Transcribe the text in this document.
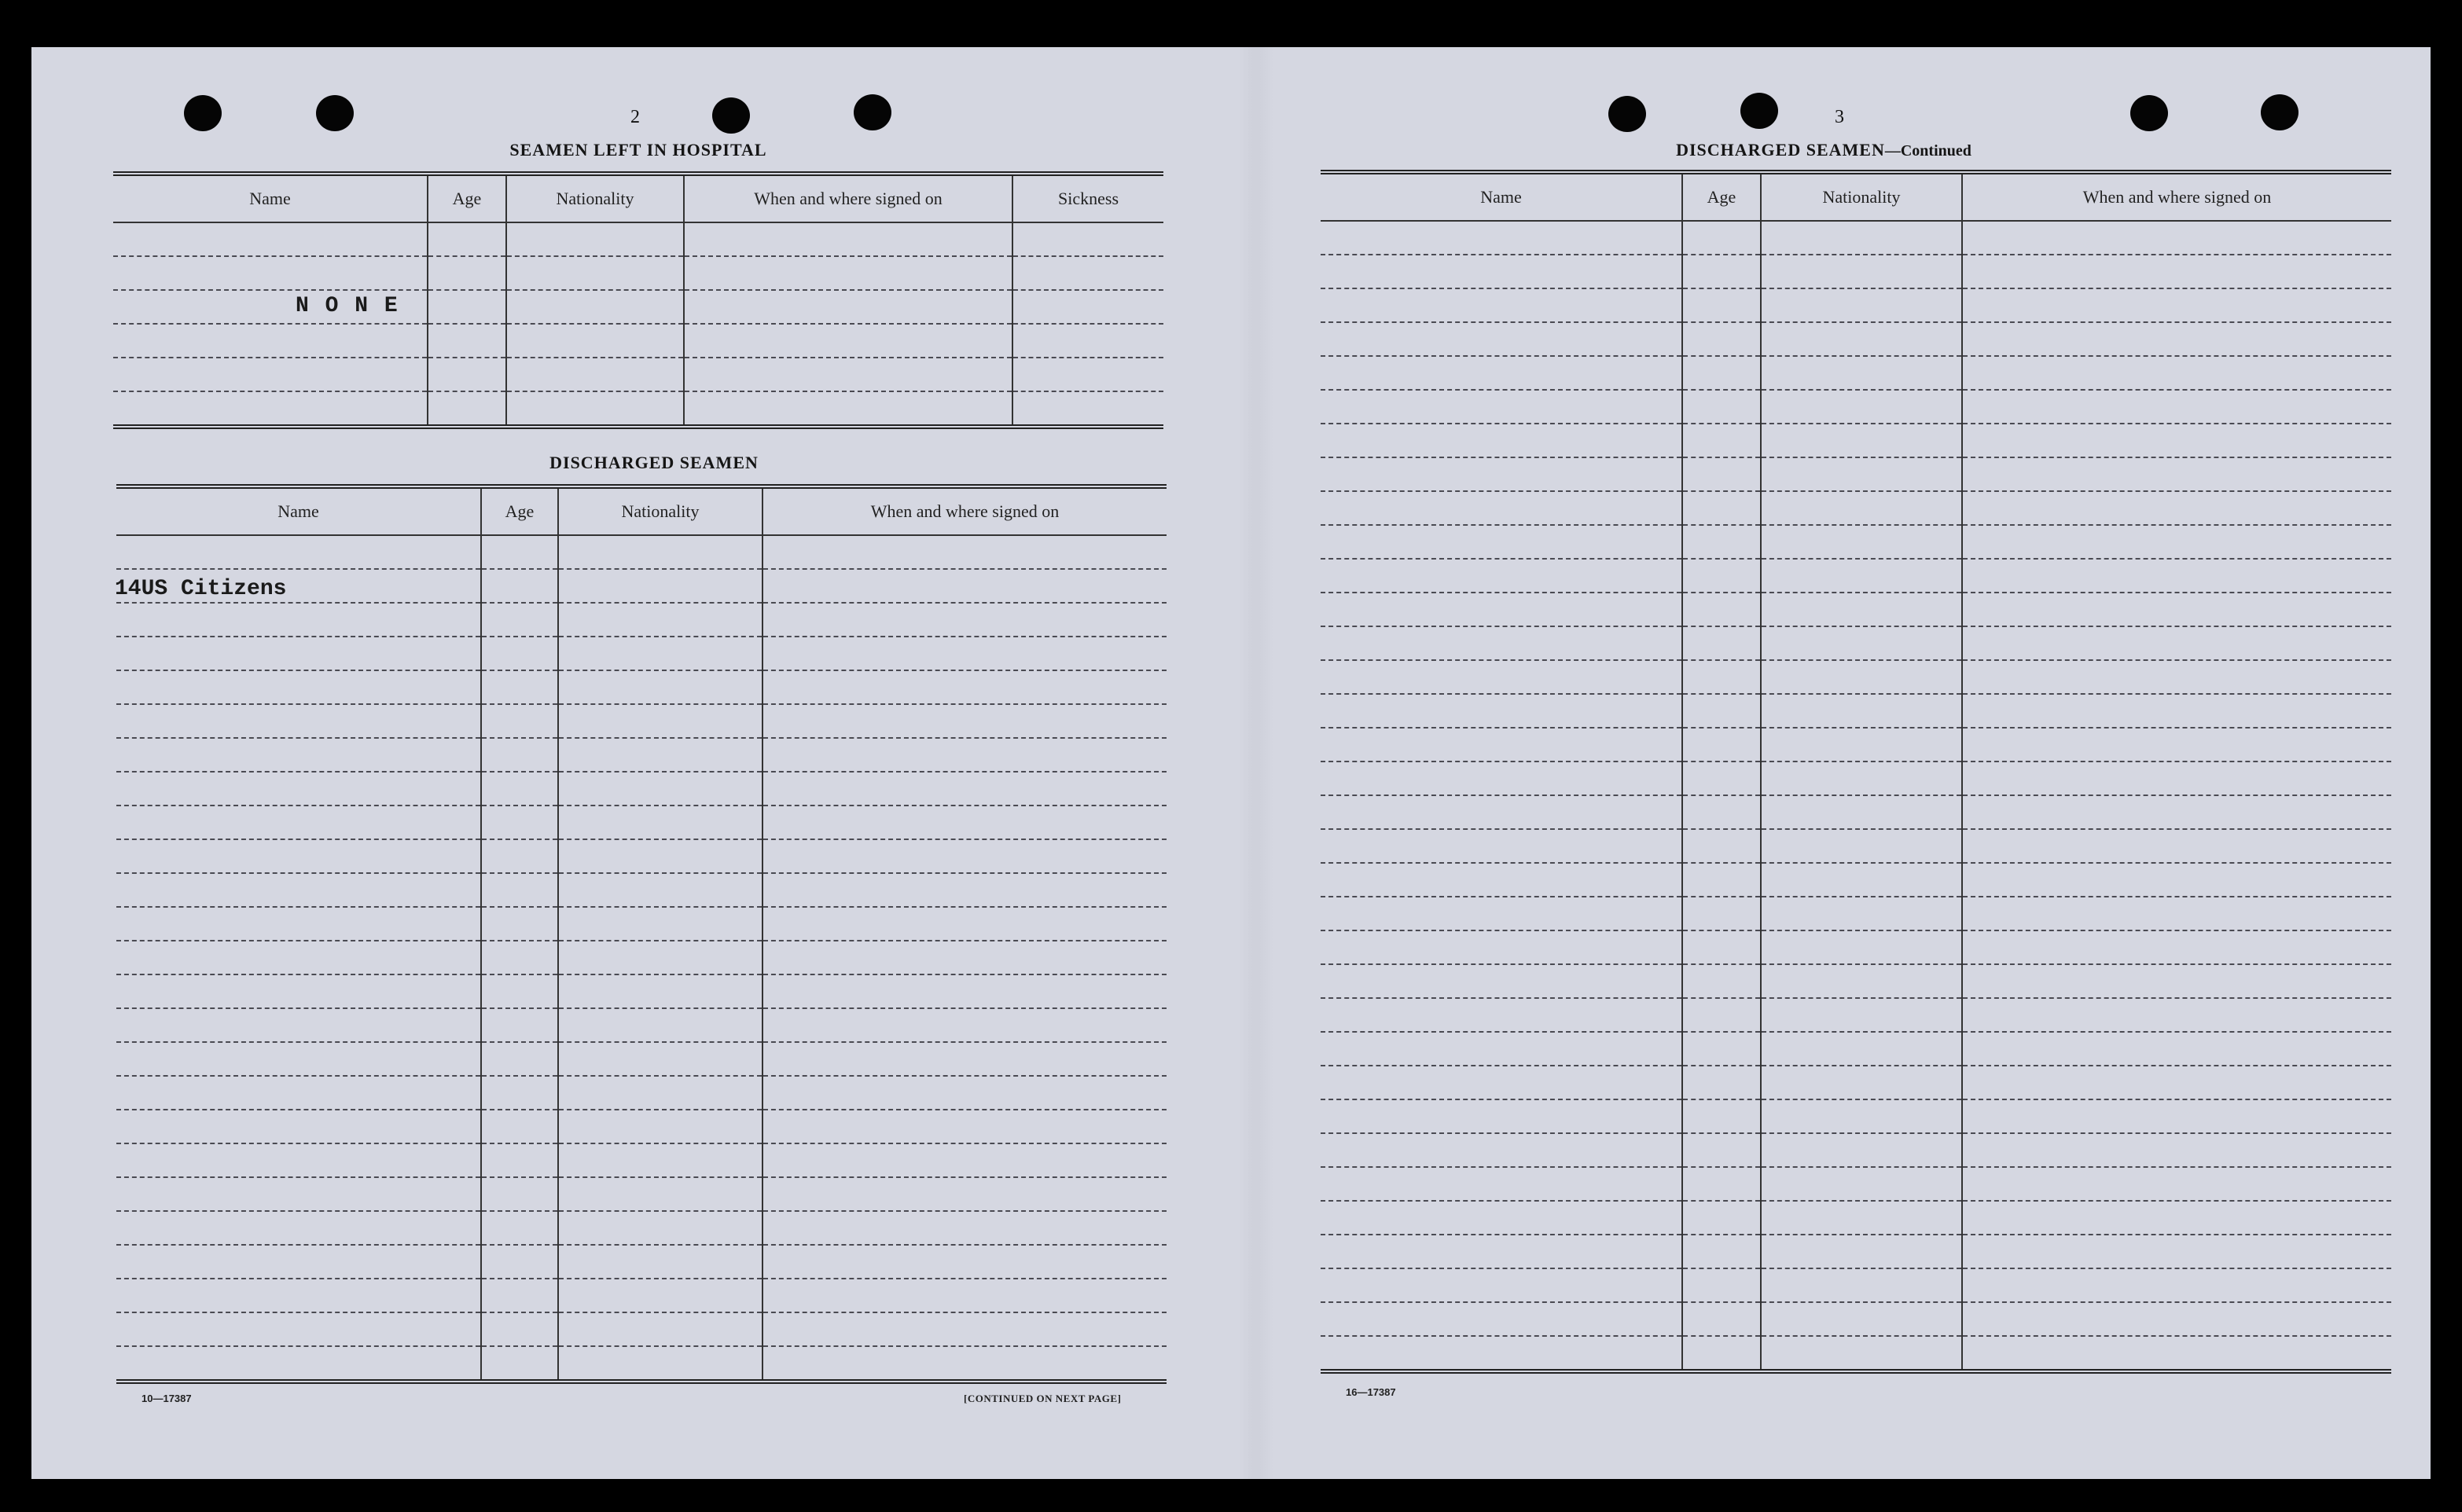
2
SEAMEN LEFT IN HOSPITAL
Name	Age	Nationality	When and where signed on	Sickness

N O N E
DISCHARGED SEAMEN
Name	Age	Nationality	When and where signed on

14US Citizens
10—17387	[CONTINUED ON NEXT PAGE]
3
DISCHARGED SEAMEN—Continued
Name	Age	Nationality	When and where signed on

16—17387
